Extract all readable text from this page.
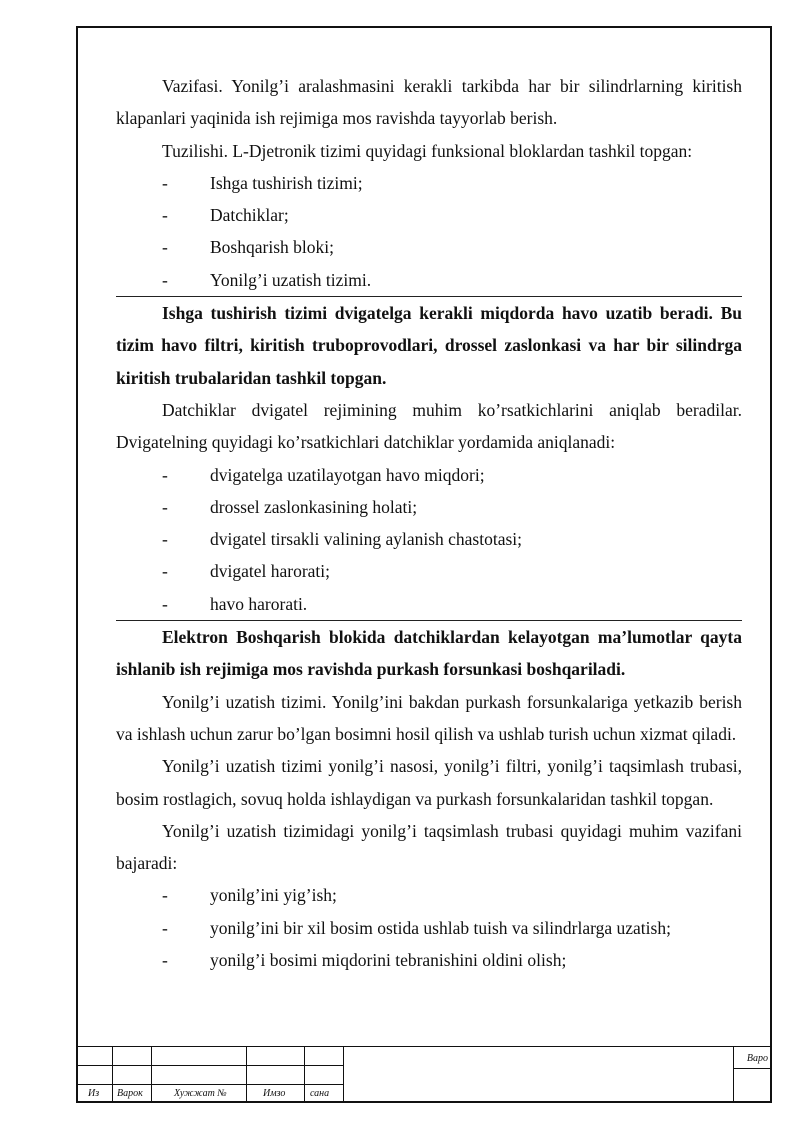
Vazifasi. Yonilg’i aralashmasini kerakli tarkibda har bir silindrlarning kiritish klapanlari yaqinida ish rejimiga mos ravishda tayyorlab berish.

Tuzilishi. L-Djetronik tizimi quyidagi funksional bloklardan tashkil topgan:

- Ishga tushirish tizimi;

- Datchiklar;

- Boshqarish bloki;

- Yonilg’i uzatish tizimi.

Ishga tushirish tizimi dvigatelga kerakli miqdorda havo uzatib beradi. Bu tizim havo filtri, kiritish truboprovodlari, drossel zaslonkasi va har bir silindrga kiritish trubalaridan tashkil topgan.

Datchiklar dvigatel rejimining muhim ko’rsatkichlarini aniqlab beradilar. Dvigatelning quyidagi ko’rsatkichlari datchiklar yordamida aniqlanadi:

- dvigatelga uzatilayotgan havo miqdori;

- drossel zaslonkasining holati;

- dvigatel tirsakli valining aylanish chastotasi;

- dvigatel harorati;

- havo harorati.

Elektron Boshqarish blokida datchiklardan kelayotgan ma’lumotlar qayta ishlanib ish rejimiga mos ravishda purkash forsunkasi boshqariladi.

Yonilg’i uzatish tizimi. Yonilg’ini bakdan purkash forsunkalariga yetkazib berish va ishlash uchun zarur bo’lgan bosimni hosil qilish va ushlab turish uchun xizmat qiladi.

Yonilg’i uzatish tizimi yonilg’i nasosi, yonilg’i filtri, yonilg’i taqsimlash trubasi, bosim rostlagich, sovuq holda ishlaydigan va purkash forsunkalaridan tashkil topgan.

Yonilg’i uzatish tizimidagi yonilg’i taqsimlash trubasi quyidagi muhim vazifani bajaradi:

- yonilg’ini yig’ish;

- yonilg’ini bir xil bosim ostida ushlab tuish va silindrlarga uzatish;

- yonilg’i bosimi miqdorini tebranishini oldini olish;

Из Варок	Хужжат №	Имзо сана
Варо
